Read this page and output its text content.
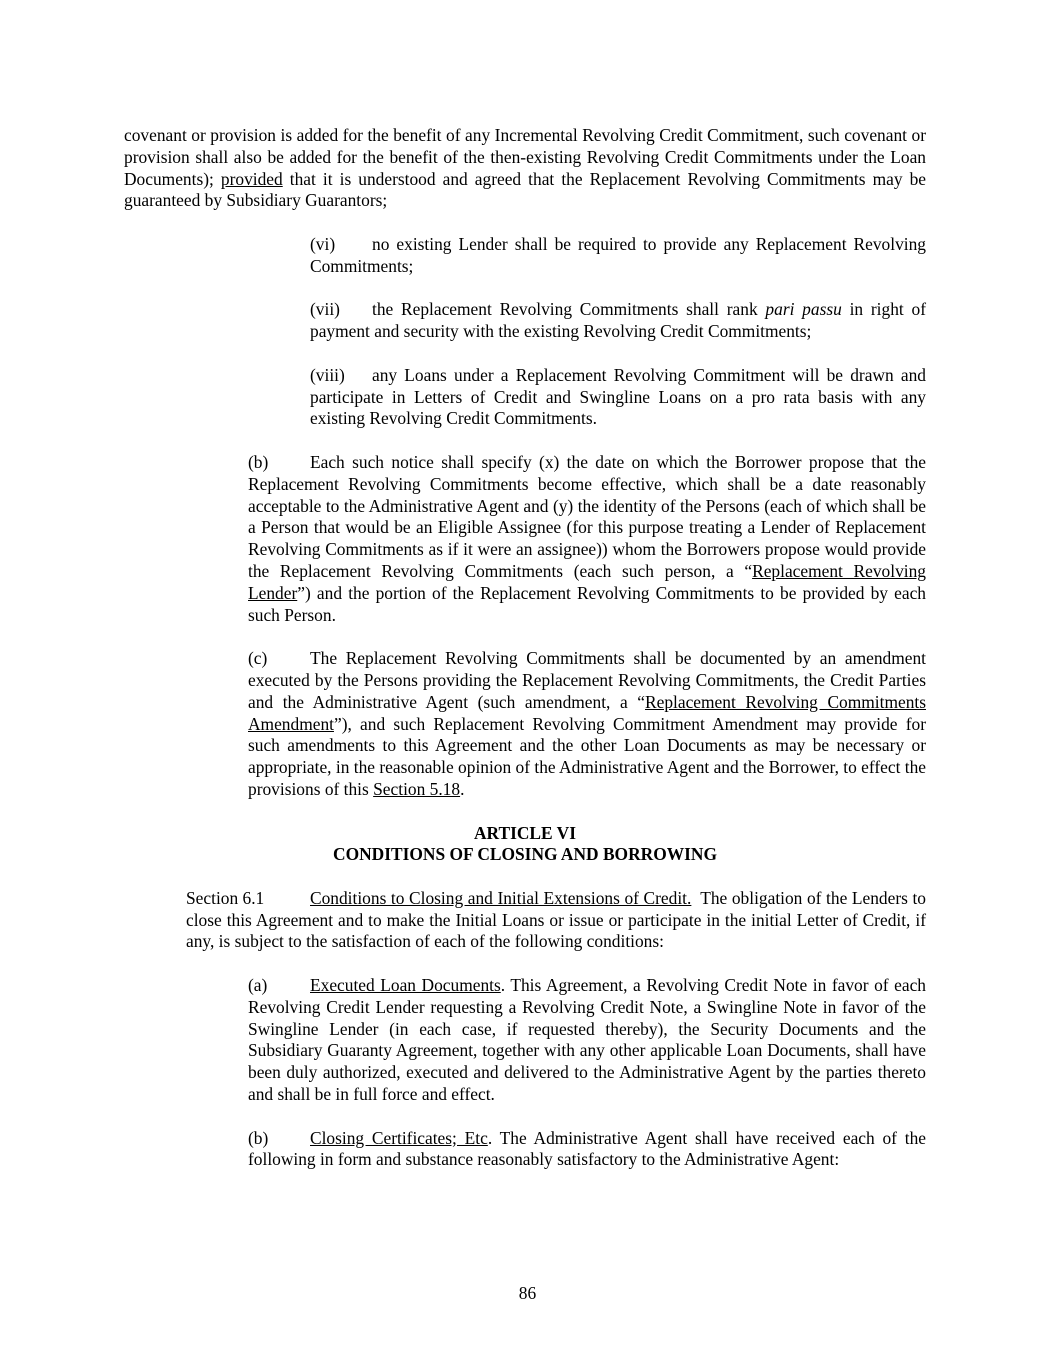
covenant or provision is added for the benefit of any Incremental Revolving Credit Commitment, such covenant or provision shall also be added for the benefit of the then-existing Revolving Credit Commitments under the Loan Documents); provided that it is understood and agreed that the Replacement Revolving Commitments may be guaranteed by Subsidiary Guarantors;

(vi) no existing Lender shall be required to provide any Replacement Revolving Commitments;

(vii) the Replacement Revolving Commitments shall rank pari passu in right of payment and security with the existing Revolving Credit Commitments;

(viii) any Loans under a Replacement Revolving Commitment will be drawn and participate in Letters of Credit and Swingline Loans on a pro rata basis with any existing Revolving Credit Commitments.

(b) Each such notice shall specify (x) the date on which the Borrower propose that the Replacement Revolving Commitments become effective, which shall be a date reasonably acceptable to the Administrative Agent and (y) the identity of the Persons (each of which shall be a Person that would be an Eligible Assignee (for this purpose treating a Lender of Replacement Revolving Commitments as if it were an assignee)) whom the Borrowers propose would provide the Replacement Revolving Commitments (each such person, a “Replacement Revolving Lender”) and the portion of the Replacement Revolving Commitments to be provided by each such Person.

(c) The Replacement Revolving Commitments shall be documented by an amendment executed by the Persons providing the Replacement Revolving Commitments, the Credit Parties and the Administrative Agent (such amendment, a “Replacement Revolving Commitments Amendment”), and such Replacement Revolving Commitment Amendment may provide for such amendments to this Agreement and the other Loan Documents as may be necessary or appropriate, in the reasonable opinion of the Administrative Agent and the Borrower, to effect the provisions of this Section 5.18.

ARTICLE VI
CONDITIONS OF CLOSING AND BORROWING

Section 6.1	Conditions to Closing and Initial Extensions of Credit.  The obligation of the Lenders to close this Agreement and to make the Initial Loans or issue or participate in the initial Letter of Credit, if any, is subject to the satisfaction of each of the following conditions:

(a) Executed Loan Documents. This Agreement, a Revolving Credit Note in favor of each Revolving Credit Lender requesting a Revolving Credit Note, a Swingline Note in favor of the Swingline Lender (in each case, if requested thereby), the Security Documents and the Subsidiary Guaranty Agreement, together with any other applicable Loan Documents, shall have been duly authorized, executed and delivered to the Administrative Agent by the parties thereto and shall be in full force and effect.

(b) Closing Certificates; Etc. The Administrative Agent shall have received each of the following in form and substance reasonably satisfactory to the Administrative Agent:

86
